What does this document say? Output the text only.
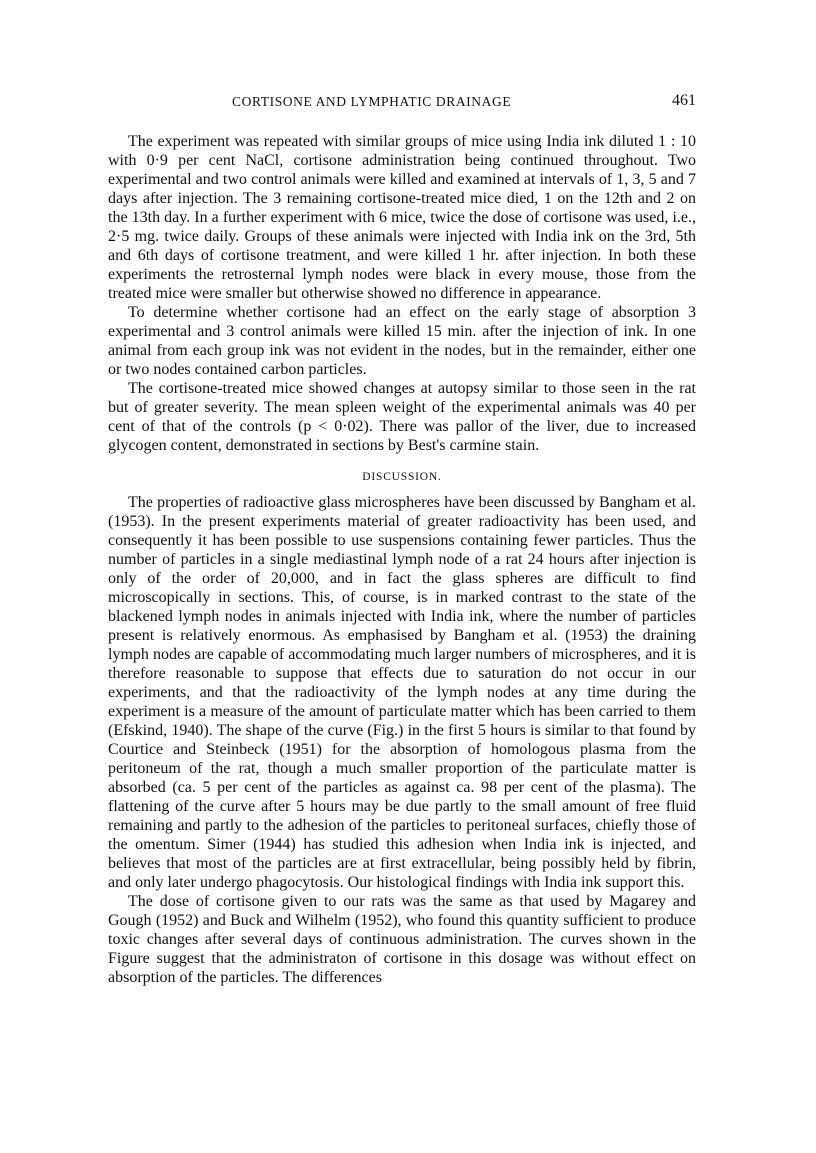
CORTISONE AND LYMPHATIC DRAINAGE	461

The experiment was repeated with similar groups of mice using India ink diluted 1 : 10 with 0·9 per cent NaCl, cortisone administration being continued throughout. Two experimental and two control animals were killed and examined at intervals of 1, 3, 5 and 7 days after injection. The 3 remaining cortisone-treated mice died, 1 on the 12th and 2 on the 13th day. In a further experiment with 6 mice, twice the dose of cortisone was used, i.e., 2·5 mg. twice daily. Groups of these animals were injected with India ink on the 3rd, 5th and 6th days of cortisone treatment, and were killed 1 hr. after injection. In both these experiments the retrosternal lymph nodes were black in every mouse, those from the treated mice were smaller but otherwise showed no difference in appearance.

To determine whether cortisone had an effect on the early stage of absorption 3 experimental and 3 control animals were killed 15 min. after the injection of ink. In one animal from each group ink was not evident in the nodes, but in the remainder, either one or two nodes contained carbon particles.

The cortisone-treated mice showed changes at autopsy similar to those seen in the rat but of greater severity. The mean spleen weight of the experimental animals was 40 per cent of that of the controls (p < 0·02). There was pallor of the liver, due to increased glycogen content, demonstrated in sections by Best's carmine stain.

DISCUSSION.

The properties of radioactive glass microspheres have been discussed by Bangham et al. (1953). In the present experiments material of greater radioactivity has been used, and consequently it has been possible to use suspensions containing fewer particles. Thus the number of particles in a single mediastinal lymph node of a rat 24 hours after injection is only of the order of 20,000, and in fact the glass spheres are difficult to find microscopically in sections. This, of course, is in marked contrast to the state of the blackened lymph nodes in animals injected with India ink, where the number of particles present is relatively enormous. As emphasised by Bangham et al. (1953) the draining lymph nodes are capable of accommodating much larger numbers of microspheres, and it is therefore reasonable to suppose that effects due to saturation do not occur in our experiments, and that the radioactivity of the lymph nodes at any time during the experiment is a measure of the amount of particulate matter which has been carried to them (Efskind, 1940). The shape of the curve (Fig.) in the first 5 hours is similar to that found by Courtice and Steinbeck (1951) for the absorption of homologous plasma from the peritoneum of the rat, though a much smaller proportion of the particulate matter is absorbed (ca. 5 per cent of the particles as against ca. 98 per cent of the plasma). The flattening of the curve after 5 hours may be due partly to the small amount of free fluid remaining and partly to the adhesion of the particles to peritoneal surfaces, chiefly those of the omentum. Simer (1944) has studied this adhesion when India ink is injected, and believes that most of the particles are at first extracellular, being possibly held by fibrin, and only later undergo phagocytosis. Our histological findings with India ink support this.

The dose of cortisone given to our rats was the same as that used by Magarey and Gough (1952) and Buck and Wilhelm (1952), who found this quantity sufficient to produce toxic changes after several days of continuous administration. The curves shown in the Figure suggest that the administraton of cortisone in this dosage was without effect on absorption of the particles. The differences
